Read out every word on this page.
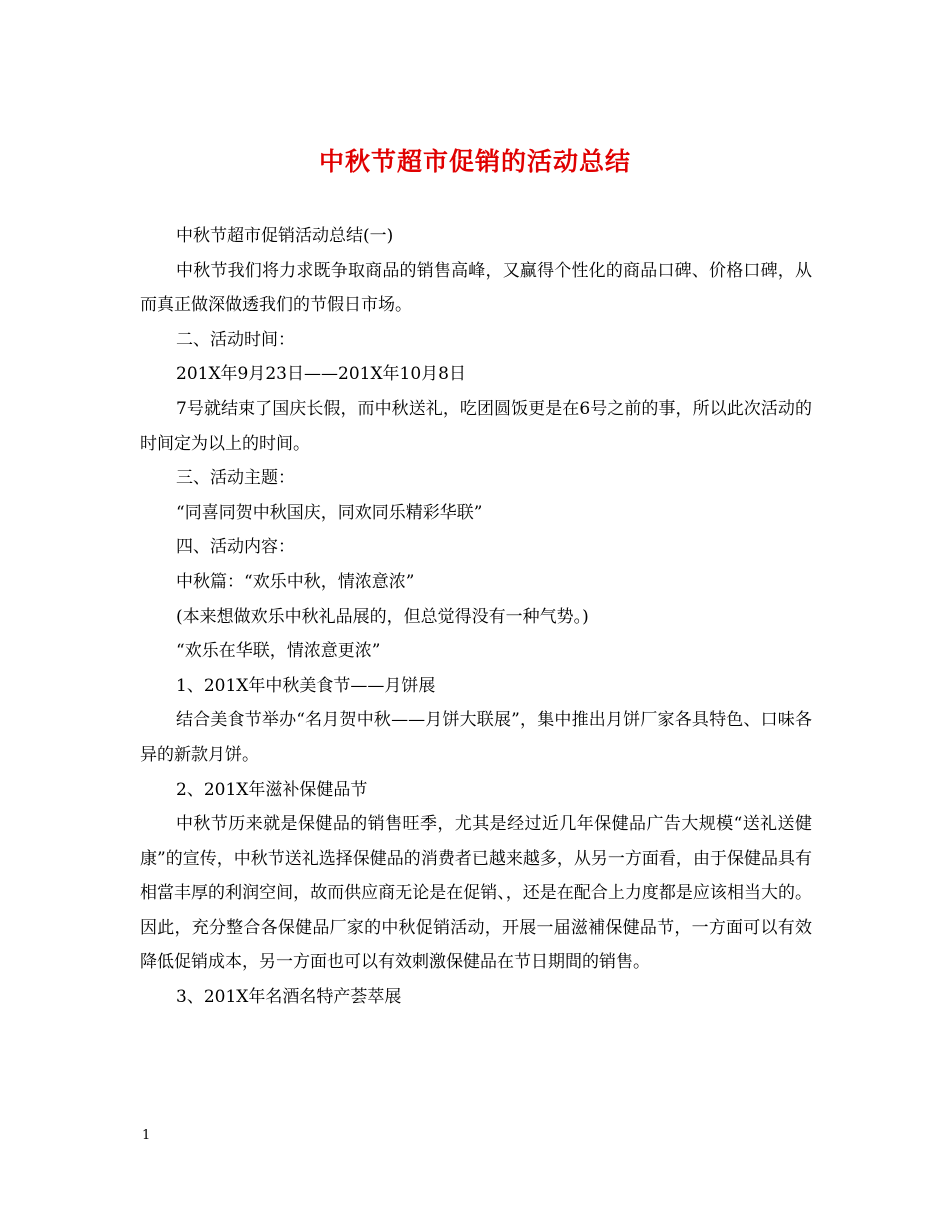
中秋节超市促销的活动总结

中秋节超市促销活动总结(一)

中秋节我们将力求既争取商品的销售高峰，又赢得个性化的商品口碑、价格口碑，从而真正做深做透我们的节假日市场。

二、活动时间：

201X年9月23日——201X年10月8日

7号就结束了国庆长假，而中秋送礼，吃团圆饭更是在6号之前的事，所以此次活动的时间定为以上的时间。

三、活动主题：

“同喜同贺中秋国庆，同欢同乐精彩华联”

四、活动内容：

中秋篇：“欢乐中秋，情浓意浓”

(本来想做欢乐中秋礼品展的，但总觉得没有一种气势。)

“欢乐在华联，情浓意更浓”

1、201X年中秋美食节——月饼展

结合美食节举办“名月贺中秋——月饼大联展”，集中推出月饼厂家各具特色、口味各异的新款月饼。

2、201X年滋补保健品节

中秋节历来就是保健品的销售旺季，尤其是经过近几年保健品广告大规模“送礼送健康”的宣传，中秋节送礼选择保健品的消费者已越来越多，从另一方面看，由于保健品具有相當丰厚的利润空间，故而供应商无论是在促销、，还是在配合上力度都是应该相当大的。因此，充分整合各保健品厂家的中秋促销活动，开展一届滋補保健品节，一方面可以有效降低促销成本，另一方面也可以有效刺激保健品在节日期間的销售。

3、201X年名酒名特产荟萃展

1
